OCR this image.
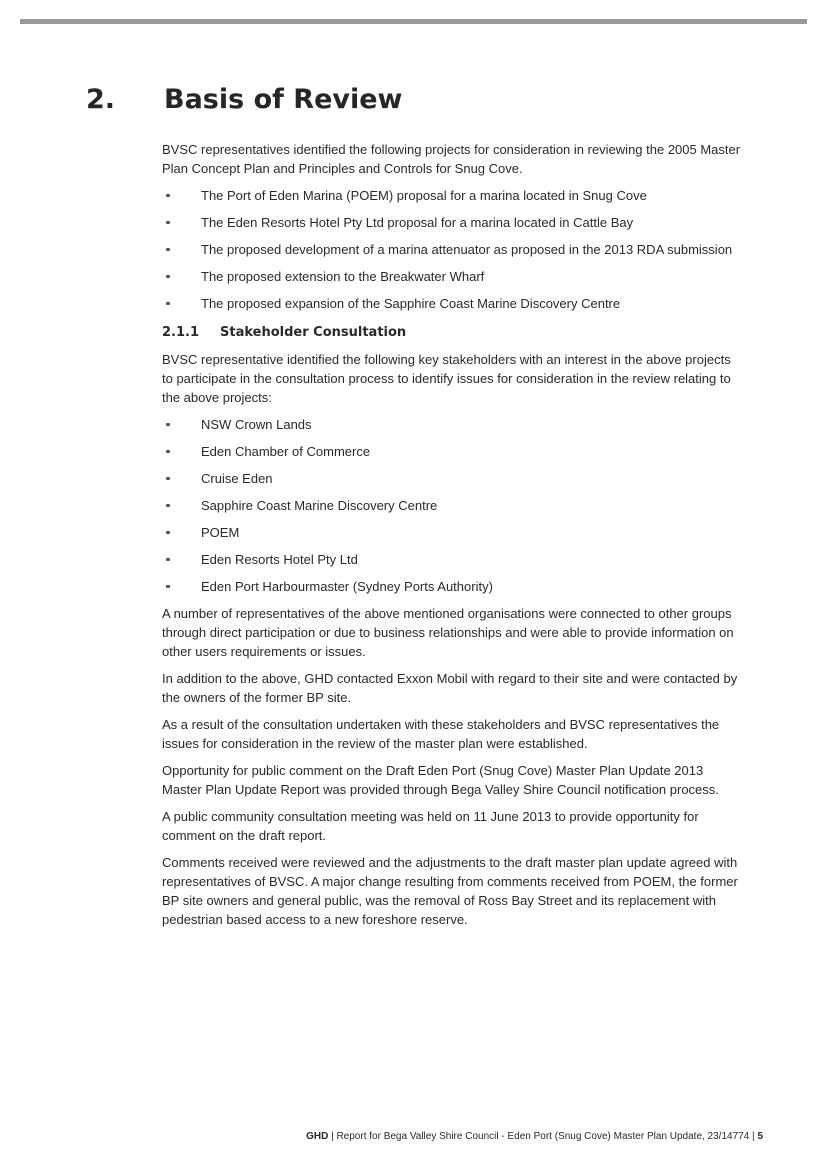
2. Basis of Review

BVSC representatives identified the following projects for consideration in reviewing the 2005 Master Plan Concept Plan and Principles and Controls for Snug Cove.

The Port of Eden Marina (POEM) proposal for a marina located in Snug Cove
The Eden Resorts Hotel Pty Ltd proposal for a marina located in Cattle Bay
The proposed development of a marina attenuator as proposed in the 2013 RDA submission
The proposed extension to the Breakwater Wharf
The proposed expansion of the Sapphire Coast Marine Discovery Centre
2.1.1 Stakeholder Consultation

BVSC representative identified the following key stakeholders with an interest in the above projects to participate in the consultation process to identify issues for consideration in the review relating to the above projects:

NSW Crown Lands
Eden Chamber of Commerce
Cruise Eden
Sapphire Coast Marine Discovery Centre
POEM
Eden Resorts Hotel Pty Ltd
Eden Port Harbourmaster (Sydney Ports Authority)

A number of representatives of the above mentioned organisations were connected to other groups through direct participation or due to business relationships and were able to provide information on other users requirements or issues.

In addition to the above, GHD contacted Exxon Mobil with regard to their site and were contacted by the owners of the former BP site.

As a result of the consultation undertaken with these stakeholders and BVSC representatives the issues for consideration in the review of the master plan were established.

Opportunity for public comment on the Draft Eden Port (Snug Cove) Master Plan Update 2013 Master Plan Update Report was provided through Bega Valley Shire Council notification process.

A public community consultation meeting was held on 11 June 2013 to provide opportunity for comment on the draft report.

Comments received were reviewed and the adjustments to the draft master plan update agreed with representatives of BVSC. A major change resulting from comments received from POEM, the former BP site owners and general public, was the removal of Ross Bay Street and its replacement with pedestrian based access to a new foreshore reserve.

GHD | Report for Bega Valley Shire Council - Eden Port (Snug Cove) Master Plan Update, 23/14774 | 5
